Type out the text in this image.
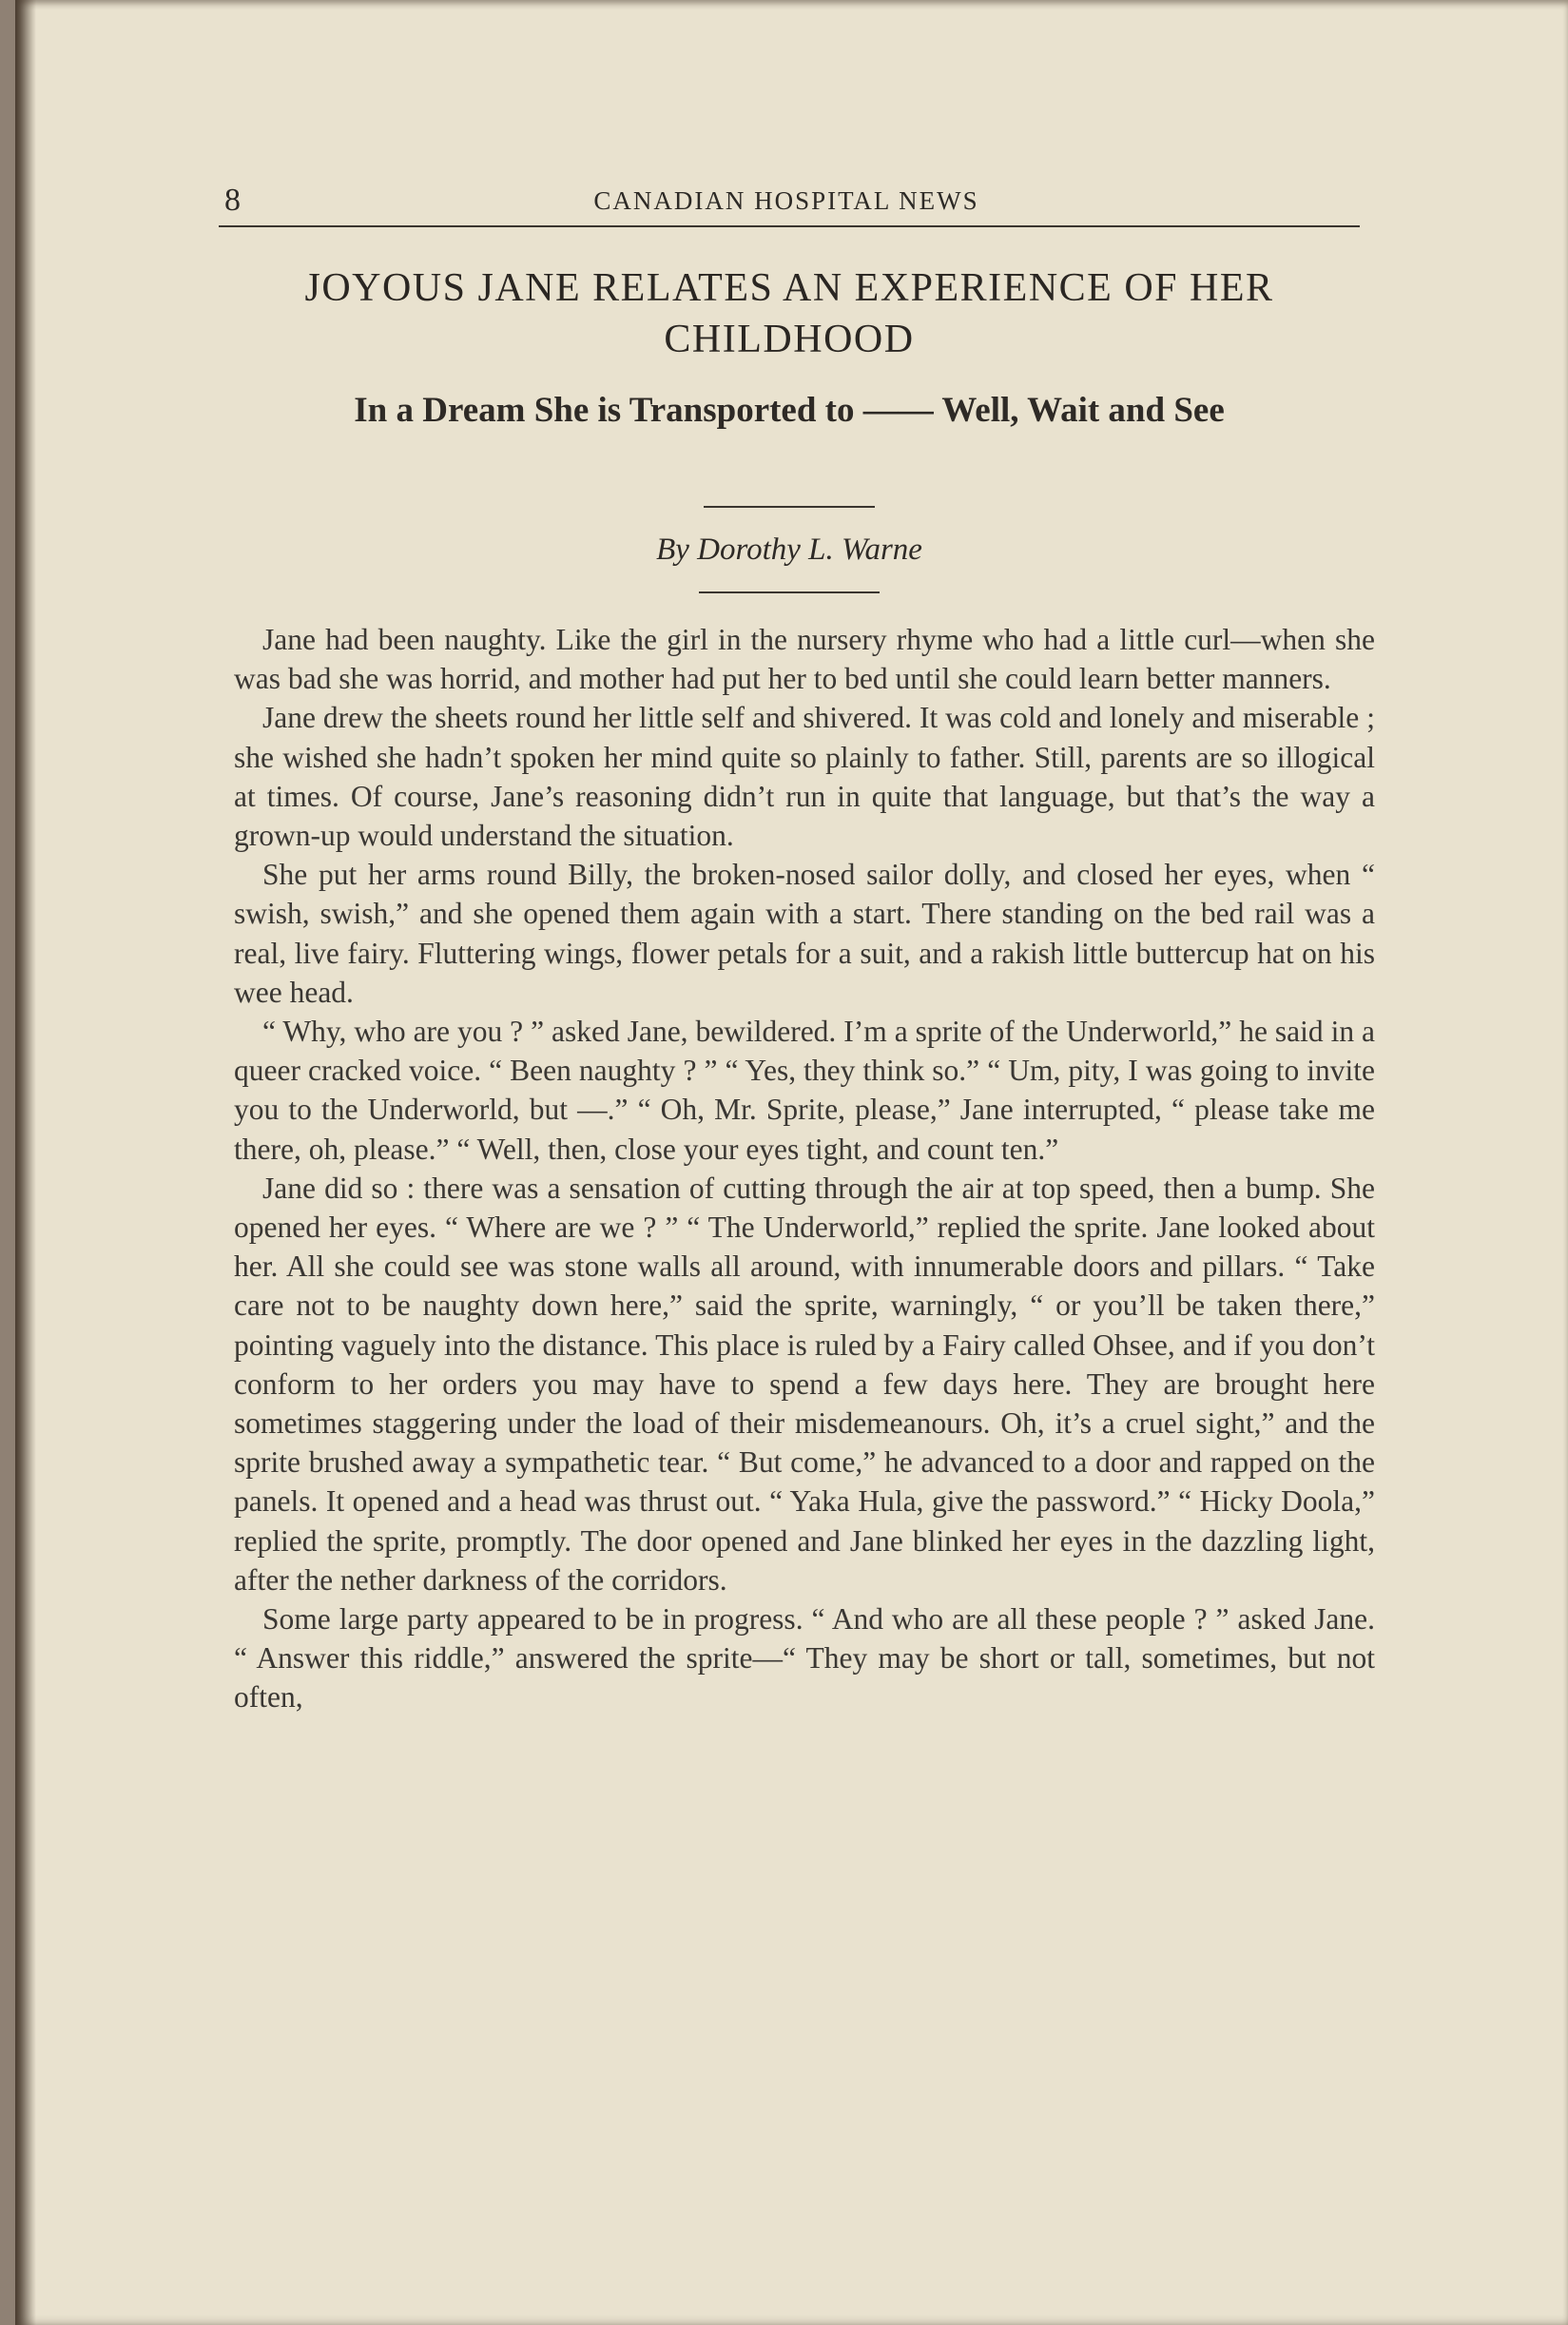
8	CANADIAN HOSPITAL NEWS
JOYOUS JANE RELATES AN EXPERIENCE OF HER CHILDHOOD
In a Dream She is Transported to —— Well, Wait and See
By Dorothy L. Warne

Jane had been naughty. Like the girl in the nursery rhyme who had a little curl—when she was bad she was horrid, and mother had put her to bed until she could learn better manners.

Jane drew the sheets round her little self and shivered. It was cold and lonely and miserable ; she wished she hadn’t spoken her mind quite so plainly to father. Still, parents are so illogical at times. Of course, Jane’s reasoning didn’t run in quite that language, but that’s the way a grown-up would understand the situation.

She put her arms round Billy, the broken-nosed sailor dolly, and closed her eyes, when “ swish, swish,” and she opened them again with a start. There standing on the bed rail was a real, live fairy. Fluttering wings, flower petals for a suit, and a rakish little buttercup hat on his wee head.

“ Why, who are you ? ” asked Jane, bewildered. I’m a sprite of the Underworld,” he said in a queer cracked voice. “ Been naughty ? ” “ Yes, they think so.” “ Um, pity, I was going to invite you to the Underworld, but —.” “ Oh, Mr. Sprite, please,” Jane interrupted, “ please take me there, oh, please.” “ Well, then, close your eyes tight, and count ten.”

Jane did so : there was a sensation of cutting through the air at top speed, then a bump. She opened her eyes. “ Where are we ? ” “ The Underworld,” replied the sprite. Jane looked about her. All she could see was stone walls all around, with innumerable doors and pillars. “ Take care not to be naughty down here,” said the sprite, warningly, “ or you’ll be taken there,” pointing vaguely into the distance. This place is ruled by a Fairy called Ohsee, and if you don’t conform to her orders you may have to spend a few days here. They are brought here sometimes staggering under the load of their misdemeanours. Oh, it’s a cruel sight,” and the sprite brushed away a sympathetic tear. “ But come,” he advanced to a door and rapped on the panels. It opened and a head was thrust out. “ Yaka Hula, give the password.” “ Hicky Doola,” replied the sprite, promptly. The door opened and Jane blinked her eyes in the dazzling light, after the nether darkness of the corridors.

Some large party appeared to be in progress. “ And who are all these people ? ” asked Jane. “ Answer this riddle,” answered the sprite—“ They may be short or tall, sometimes, but not often,
